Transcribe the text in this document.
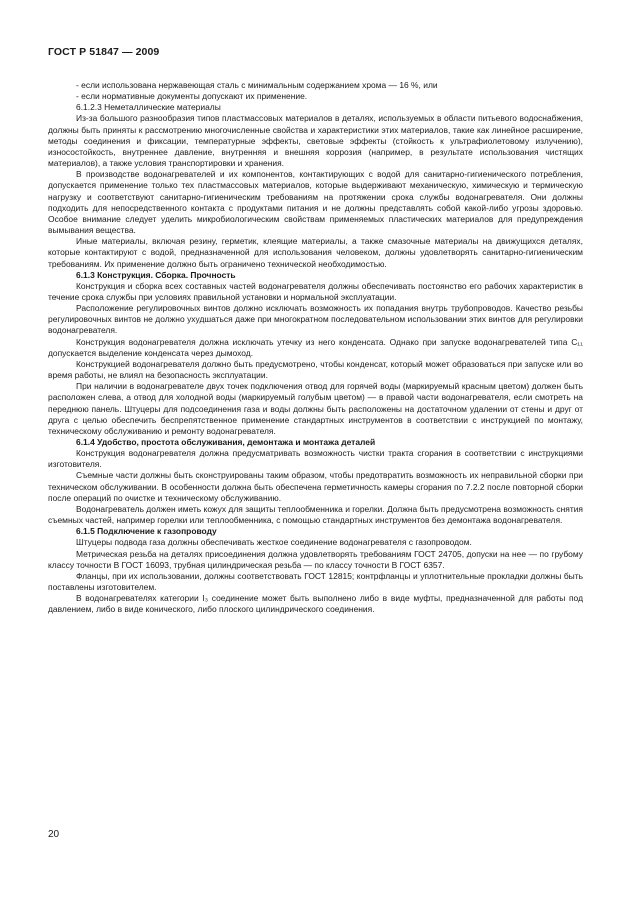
ГОСТ Р 51847 — 2009

- если использована нержавеющая сталь с минимальным содержанием хрома — 16 %, или

- если нормативные документы допускают их применение.

6.1.2.3 Неметаллические материалы

Из-за большого разнообразия типов пластмассовых материалов в деталях, используемых в области питьевого водоснабжения, должны быть приняты к рассмотрению многочисленные свойства и характеристики этих материалов, такие как линейное расширение, методы соединения и фиксации, температурные эффекты, световые эффекты (стойкость к ультрафиолетовому излучению), износостойкость, внутреннее давление, внутренняя и внешняя коррозия (например, в результате использования чистящих материалов), а также условия транспортировки и хранения.

В производстве водонагревателей и их компонентов, контактирующих с водой для санитарно-гигиенического потребления, допускается применение только тех пластмассовых материалов, которые выдерживают механическую, химическую и термическую нагрузку и соответствуют санитарно-гигиеническим требованиям на протяжении срока службы водонагревателя. Они должны подходить для непосредственного контакта с продуктами питания и не должны представлять собой какой-либо угрозы здоровью. Особое внимание следует уделить микробиологическим свойствам применяемых пластических материалов для предупреждения вымывания вещества.

Иные материалы, включая резину, герметик, клеящие материалы, а также смазочные материалы на движущихся деталях, которые контактируют с водой, предназначенной для использования человеком, должны удовлетворять санитарно-гигиеническим требованиям. Их применение должно быть ограничено технической необходимостью.

6.1.3 Конструкция. Сборка. Прочность

Конструкция и сборка всех составных частей водонагревателя должны обеспечивать постоянство его рабочих характеристик в течение срока службы при условиях правильной установки и нормальной эксплуатации.

Расположение регулировочных винтов должно исключать возможность их попадания внутрь трубопроводов. Качество резьбы регулировочных винтов не должно ухудшаться даже при многократном последовательном использовании этих винтов для регулировки водонагревателя.

Конструкция водонагревателя должна исключать утечку из него конденсата. Однако при запуске водонагревателей типа C₁₁ допускается выделение конденсата через дымоход.

Конструкцией водонагревателя должно быть предусмотрено, чтобы конденсат, который может образоваться при запуске или во время работы, не влиял на безопасность эксплуатации.

При наличии в водонагревателе двух точек подключения отвод для горячей воды (маркируемый красным цветом) должен быть расположен слева, а отвод для холодной воды (маркируемый голубым цветом) — в правой части водонагревателя, если смотреть на переднюю панель. Штуцеры для подсоединения газа и воды должны быть расположены на достаточном удалении от стены и друг от друга с целью обеспечить беспрепятственное применение стандартных инструментов в соответствии с инструкцией по монтажу, техническому обслуживанию и ремонту водонагревателя.

6.1.4 Удобство, простота обслуживания, демонтажа и монтажа деталей

Конструкция водонагревателя должна предусматривать возможность чистки тракта сгорания в соответствии с инструкциями изготовителя.

Съемные части должны быть сконструированы таким образом, чтобы предотвратить возможность их неправильной сборки при техническом обслуживании. В особенности должна быть обеспечена герметичность камеры сгорания по 7.2.2 после повторной сборки после операций по очистке и техническому обслуживанию.

Водонагреватель должен иметь кожух для защиты теплообменника и горелки. Должна быть предусмотрена возможность снятия съемных частей, например горелки или теплообменника, с помощью стандартных инструментов без демонтажа водонагревателя.

6.1.5 Подключение к газопроводу

Штуцеры подвода газа должны обеспечивать жесткое соединение водонагревателя с газопроводом.

Метрическая резьба на деталях присоединения должна удовлетворять требованиям ГОСТ 24705, допуски на нее — по грубому классу точности В ГОСТ 16093, трубная цилиндрическая резьба — по классу точности В ГОСТ 6357.

Фланцы, при их использовании, должны соответствовать ГОСТ 12815; контрфланцы и уплотнительные прокладки должны быть поставлены изготовителем.

В водонагревателях категории I₃ соединение может быть выполнено либо в виде муфты, предназначенной для работы под давлением, либо в виде конического, либо плоского цилиндрического соединения.

20
